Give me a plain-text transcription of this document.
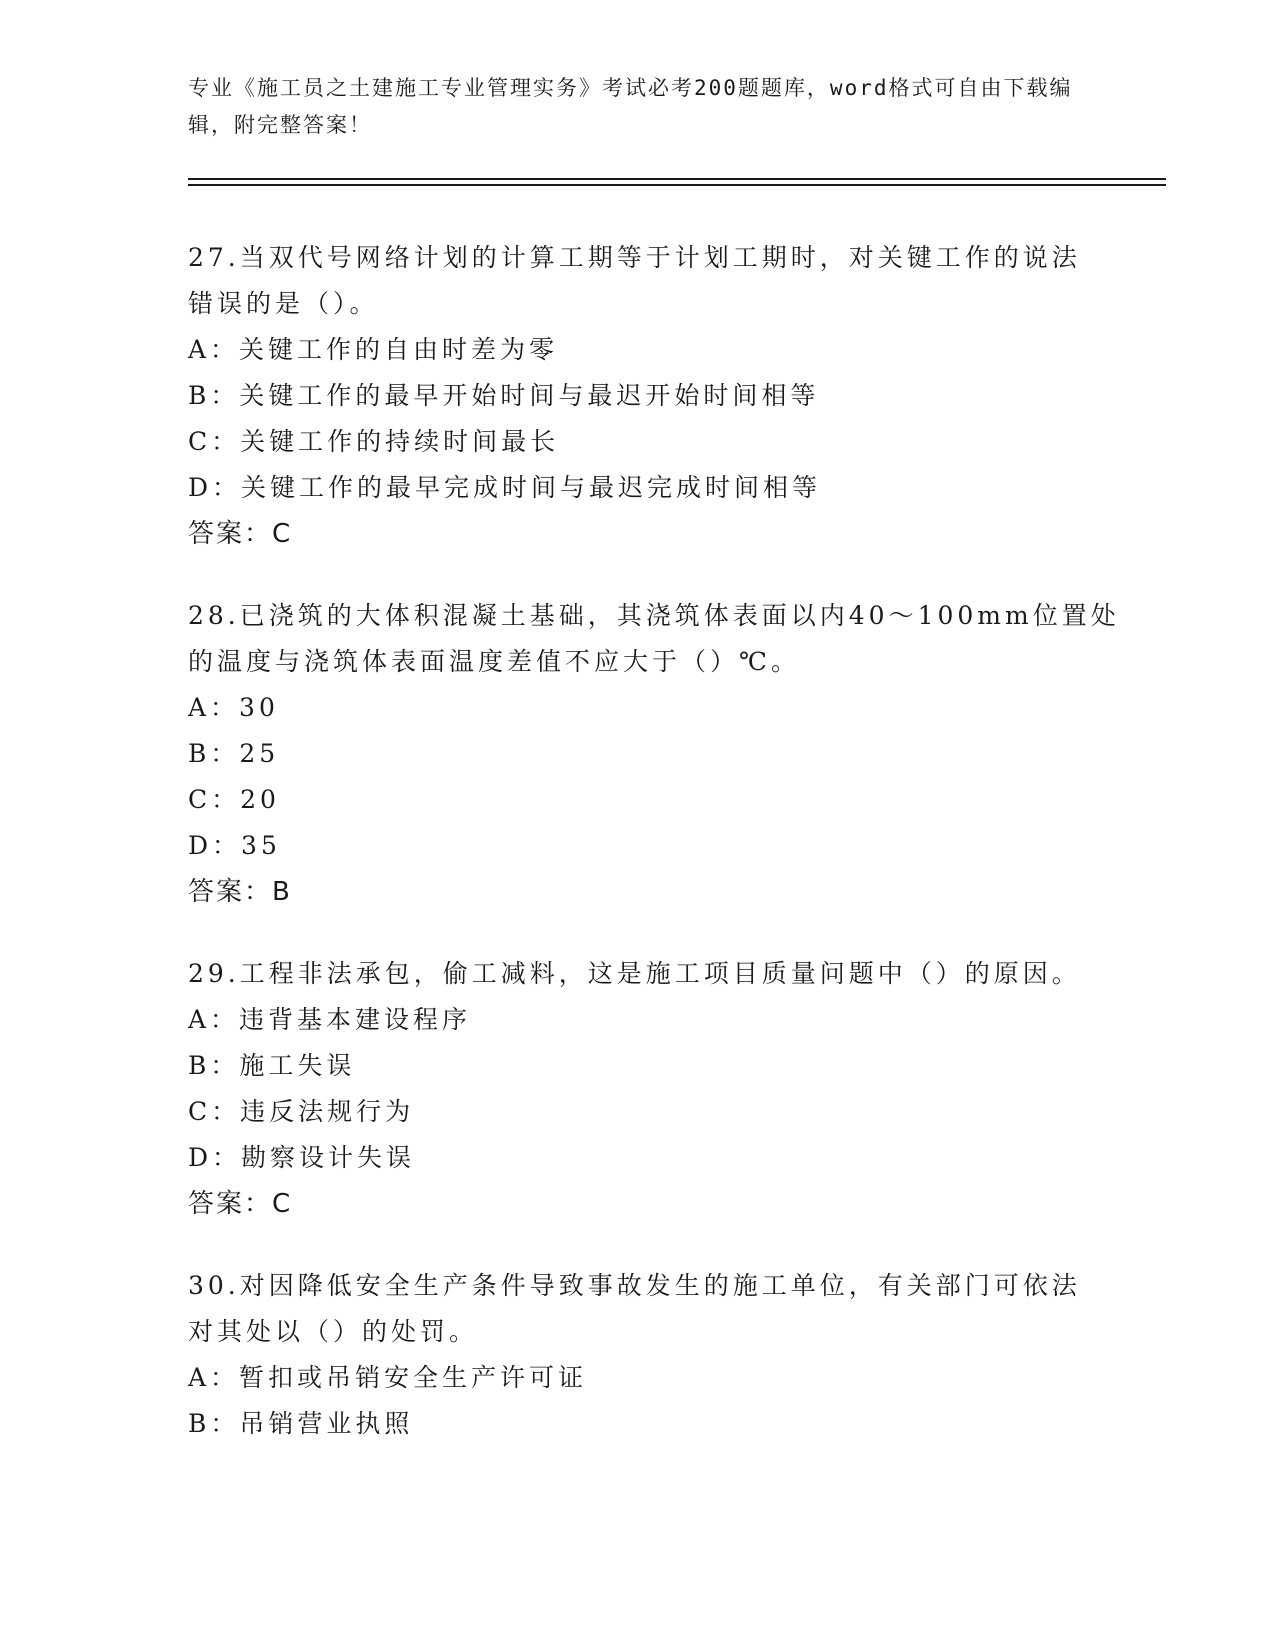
专业《施工员之土建施工专业管理实务》考试必考200题题库，word格式可自由下载编辑，附完整答案！
27.当双代号网络计划的计算工期等于计划工期时，对关键工作的说法
错误的是（）。
A：关键工作的自由时差为零
B：关键工作的最早开始时间与最迟开始时间相等
C：关键工作的持续时间最长
D：关键工作的最早完成时间与最迟完成时间相等
答案：C
28.已浇筑的大体积混凝土基础，其浇筑体表面以内40～100mm位置处
的温度与浇筑体表面温度差值不应大于（）℃。
A：30
B：25
C：20
D：35
答案：B
29.工程非法承包，偷工减料，这是施工项目质量问题中（）的原因。
A：违背基本建设程序
B：施工失误
C：违反法规行为
D：勘察设计失误
答案：C
30.对因降低安全生产条件导致事故发生的施工单位，有关部门可依法
对其处以（）的处罚。
A：暂扣或吊销安全生产许可证
B：吊销营业执照
